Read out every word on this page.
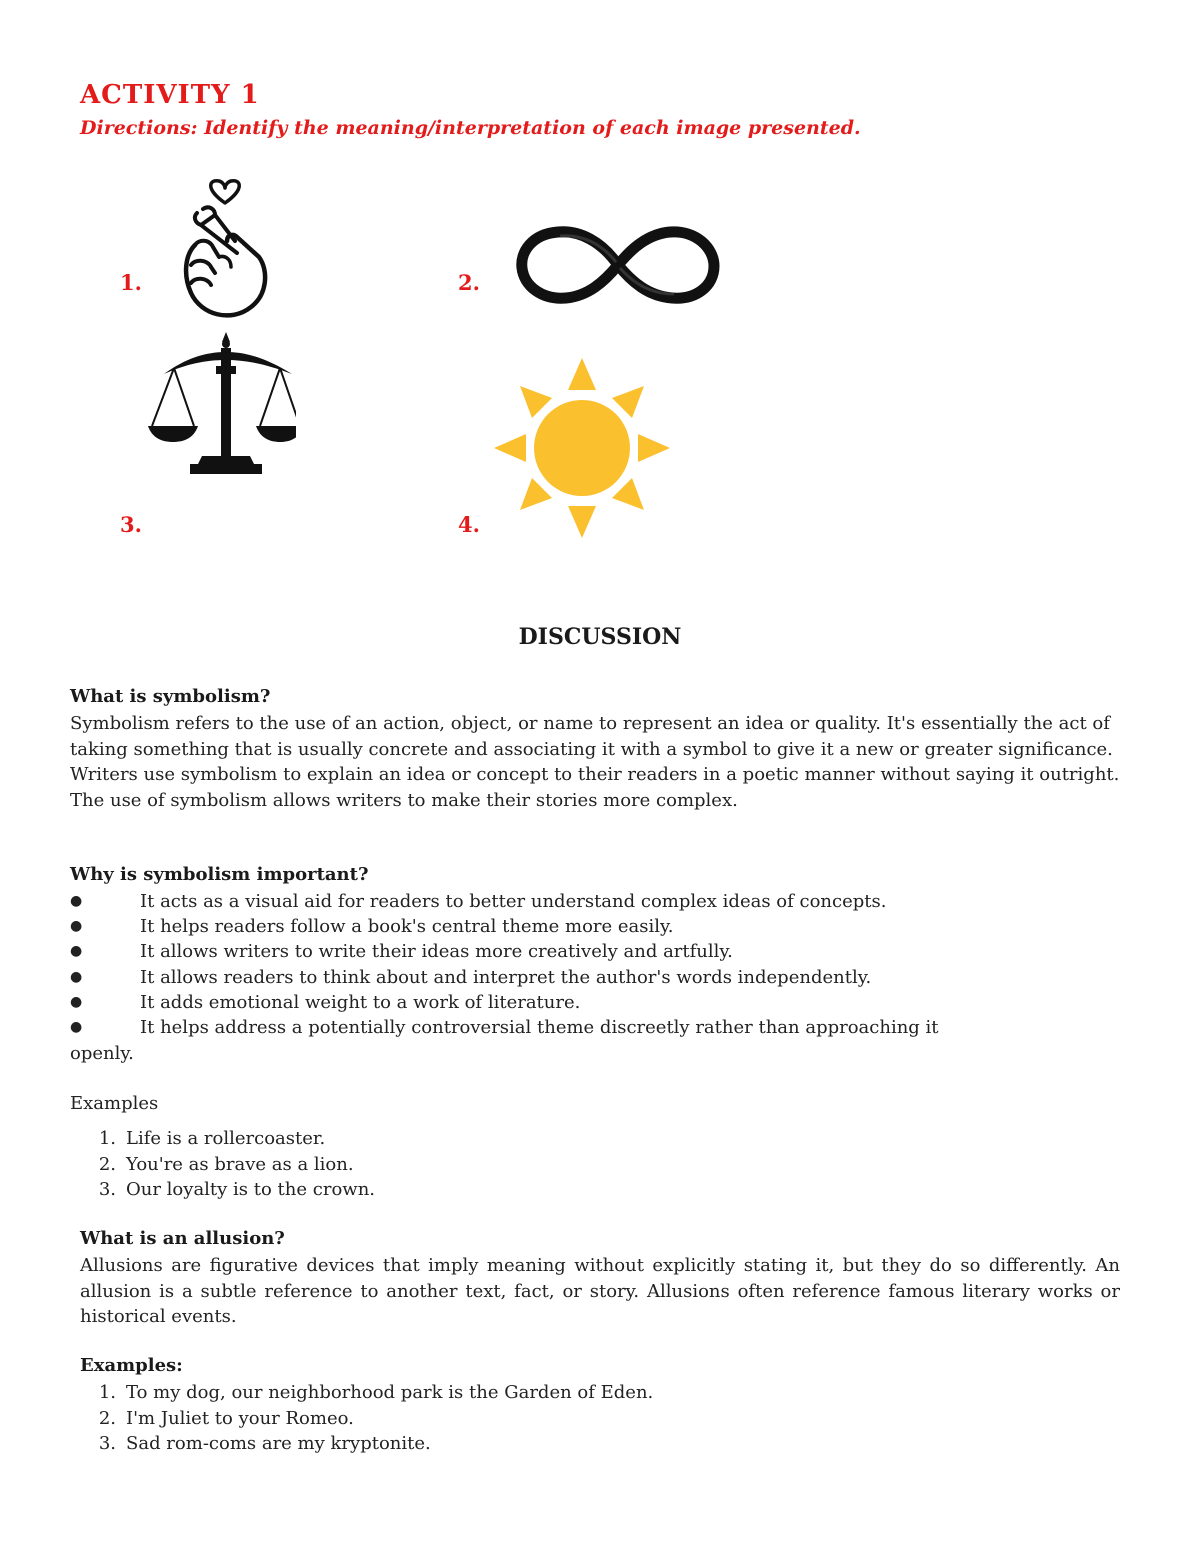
ACTIVITY 1
Directions: Identify the meaning/interpretation of each image presented.
1.	2.
3.	4.
DISCUSSION
What is symbolism?
Symbolism refers to the use of an action, object, or name to represent an idea or quality. It's essentially the act of taking something that is usually concrete and associating it with a symbol to give it a new or greater significance. Writers use symbolism to explain an idea or concept to their readers in a poetic manner without saying it outright. The use of symbolism allows writers to make their stories more complex.
Why is symbolism important?
●	It acts as a visual aid for readers to better understand complex ideas of concepts.
●	It helps readers follow a book's central theme more easily.
●	It allows writers to write their ideas more creatively and artfully.
●	It allows readers to think about and interpret the author's words independently.
●	It adds emotional weight to a work of literature.
●	It helps address a potentially controversial theme discreetly rather than approaching it
openly.
Examples
1. Life is a rollercoaster.
2. You're as brave as a lion.
3. Our loyalty is to the crown.
What is an allusion?
Allusions are figurative devices that imply meaning without explicitly stating it, but they do so differently. An allusion is a subtle reference to another text, fact, or story. Allusions often reference famous literary works or historical events.
Examples:
1. To my dog, our neighborhood park is the Garden of Eden.
2. I'm Juliet to your Romeo.
3. Sad rom-coms are my kryptonite.
